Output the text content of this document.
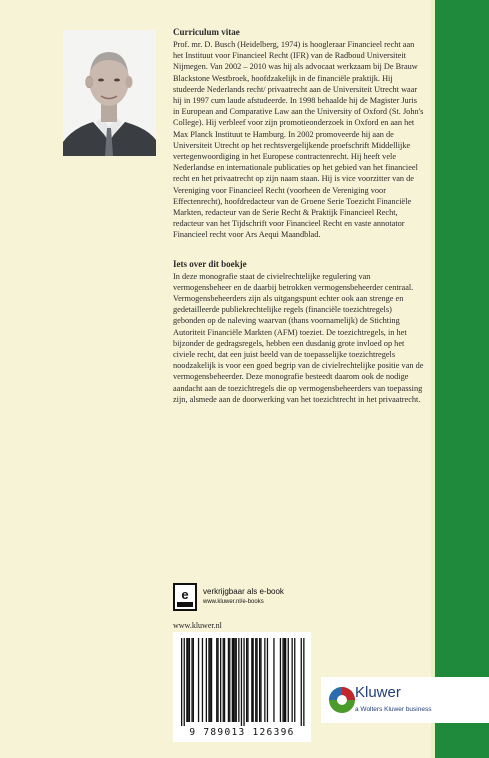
Curriculum vitae

Prof. mr. D. Busch (Heidelberg, 1974) is hoogleraar Financieel recht aan het Instituut voor Financieel Recht (IFR) van de Radboud Universiteit Nijmegen. Van 2002 – 2010 was hij als advocaat werkzaam bij De Brauw Blackstone Westbroek, hoofdzakelijk in de financiële praktijk. Hij studeerde Nederlands recht/ privaatrecht aan de Universiteit Utrecht waar hij in 1997 cum laude afstudeerde. In 1998 behaalde hij de Magister Juris in European and Comparative Law aan the University of Oxford (St. John's College). Hij verbleef voor zijn promotieonderzoek in Oxford en aan het Max Planck Instituut te Hamburg. In 2002 promoveerde hij aan de Universiteit Utrecht op het rechtsvergelijkende proefschrift Middellijke vertegenwoordiging in het Europese contractenrecht. Hij heeft vele Nederlandse en internationale publicaties op het gebied van het financieel recht en het privaatrecht op zijn naam staan. Hij is vice voorzitter van de Vereniging voor Financieel Recht (voorheen de Vereniging voor Effectenrecht), hoofdredacteur van de Groene Serie Toezicht Financiële Markten, redacteur van de Serie Recht & Praktijk Financieel Recht, redacteur van het Tijdschrift voor Financieel Recht en vaste annotator Financieel recht voor Ars Aequi Maandblad.

Iets over dit boekje

In deze monografie staat de civielrechtelijke regulering van vermogensbeheer en de daarbij betrokken vermogensbeheerder centraal. Vermogensbeheerders zijn als uitgangspunt echter ook aan strenge en gedetailleerde publiekrechtelijke regels (financiële toezichtregels) gebonden op de naleving waarvan (thans voornamelijk) de Stichting Autoriteit Financiële Markten (AFM) toeziet. De toezichtregels, in het bijzonder de gedragsregels, hebben een dusdanig grote invloed op het civiele recht, dat een juist beeld van de toepasselijke toezichtregels noodzakelijk is voor een goed begrip van de civielrechtelijke positie van de vermogensbeheerder. Deze monografie besteedt daarom ook de nodige aandacht aan de toezichtregels die op vermogensbeheerders van toepassing zijn, alsmede aan de doorwerking van het toezichtrecht in het privaatrecht.

e verkrijgbaar als e-book
www.kluwer.nl/e-books
www.kluwer.nl
9 789013 126396
Kluwer
a Wolters Kluwer business
